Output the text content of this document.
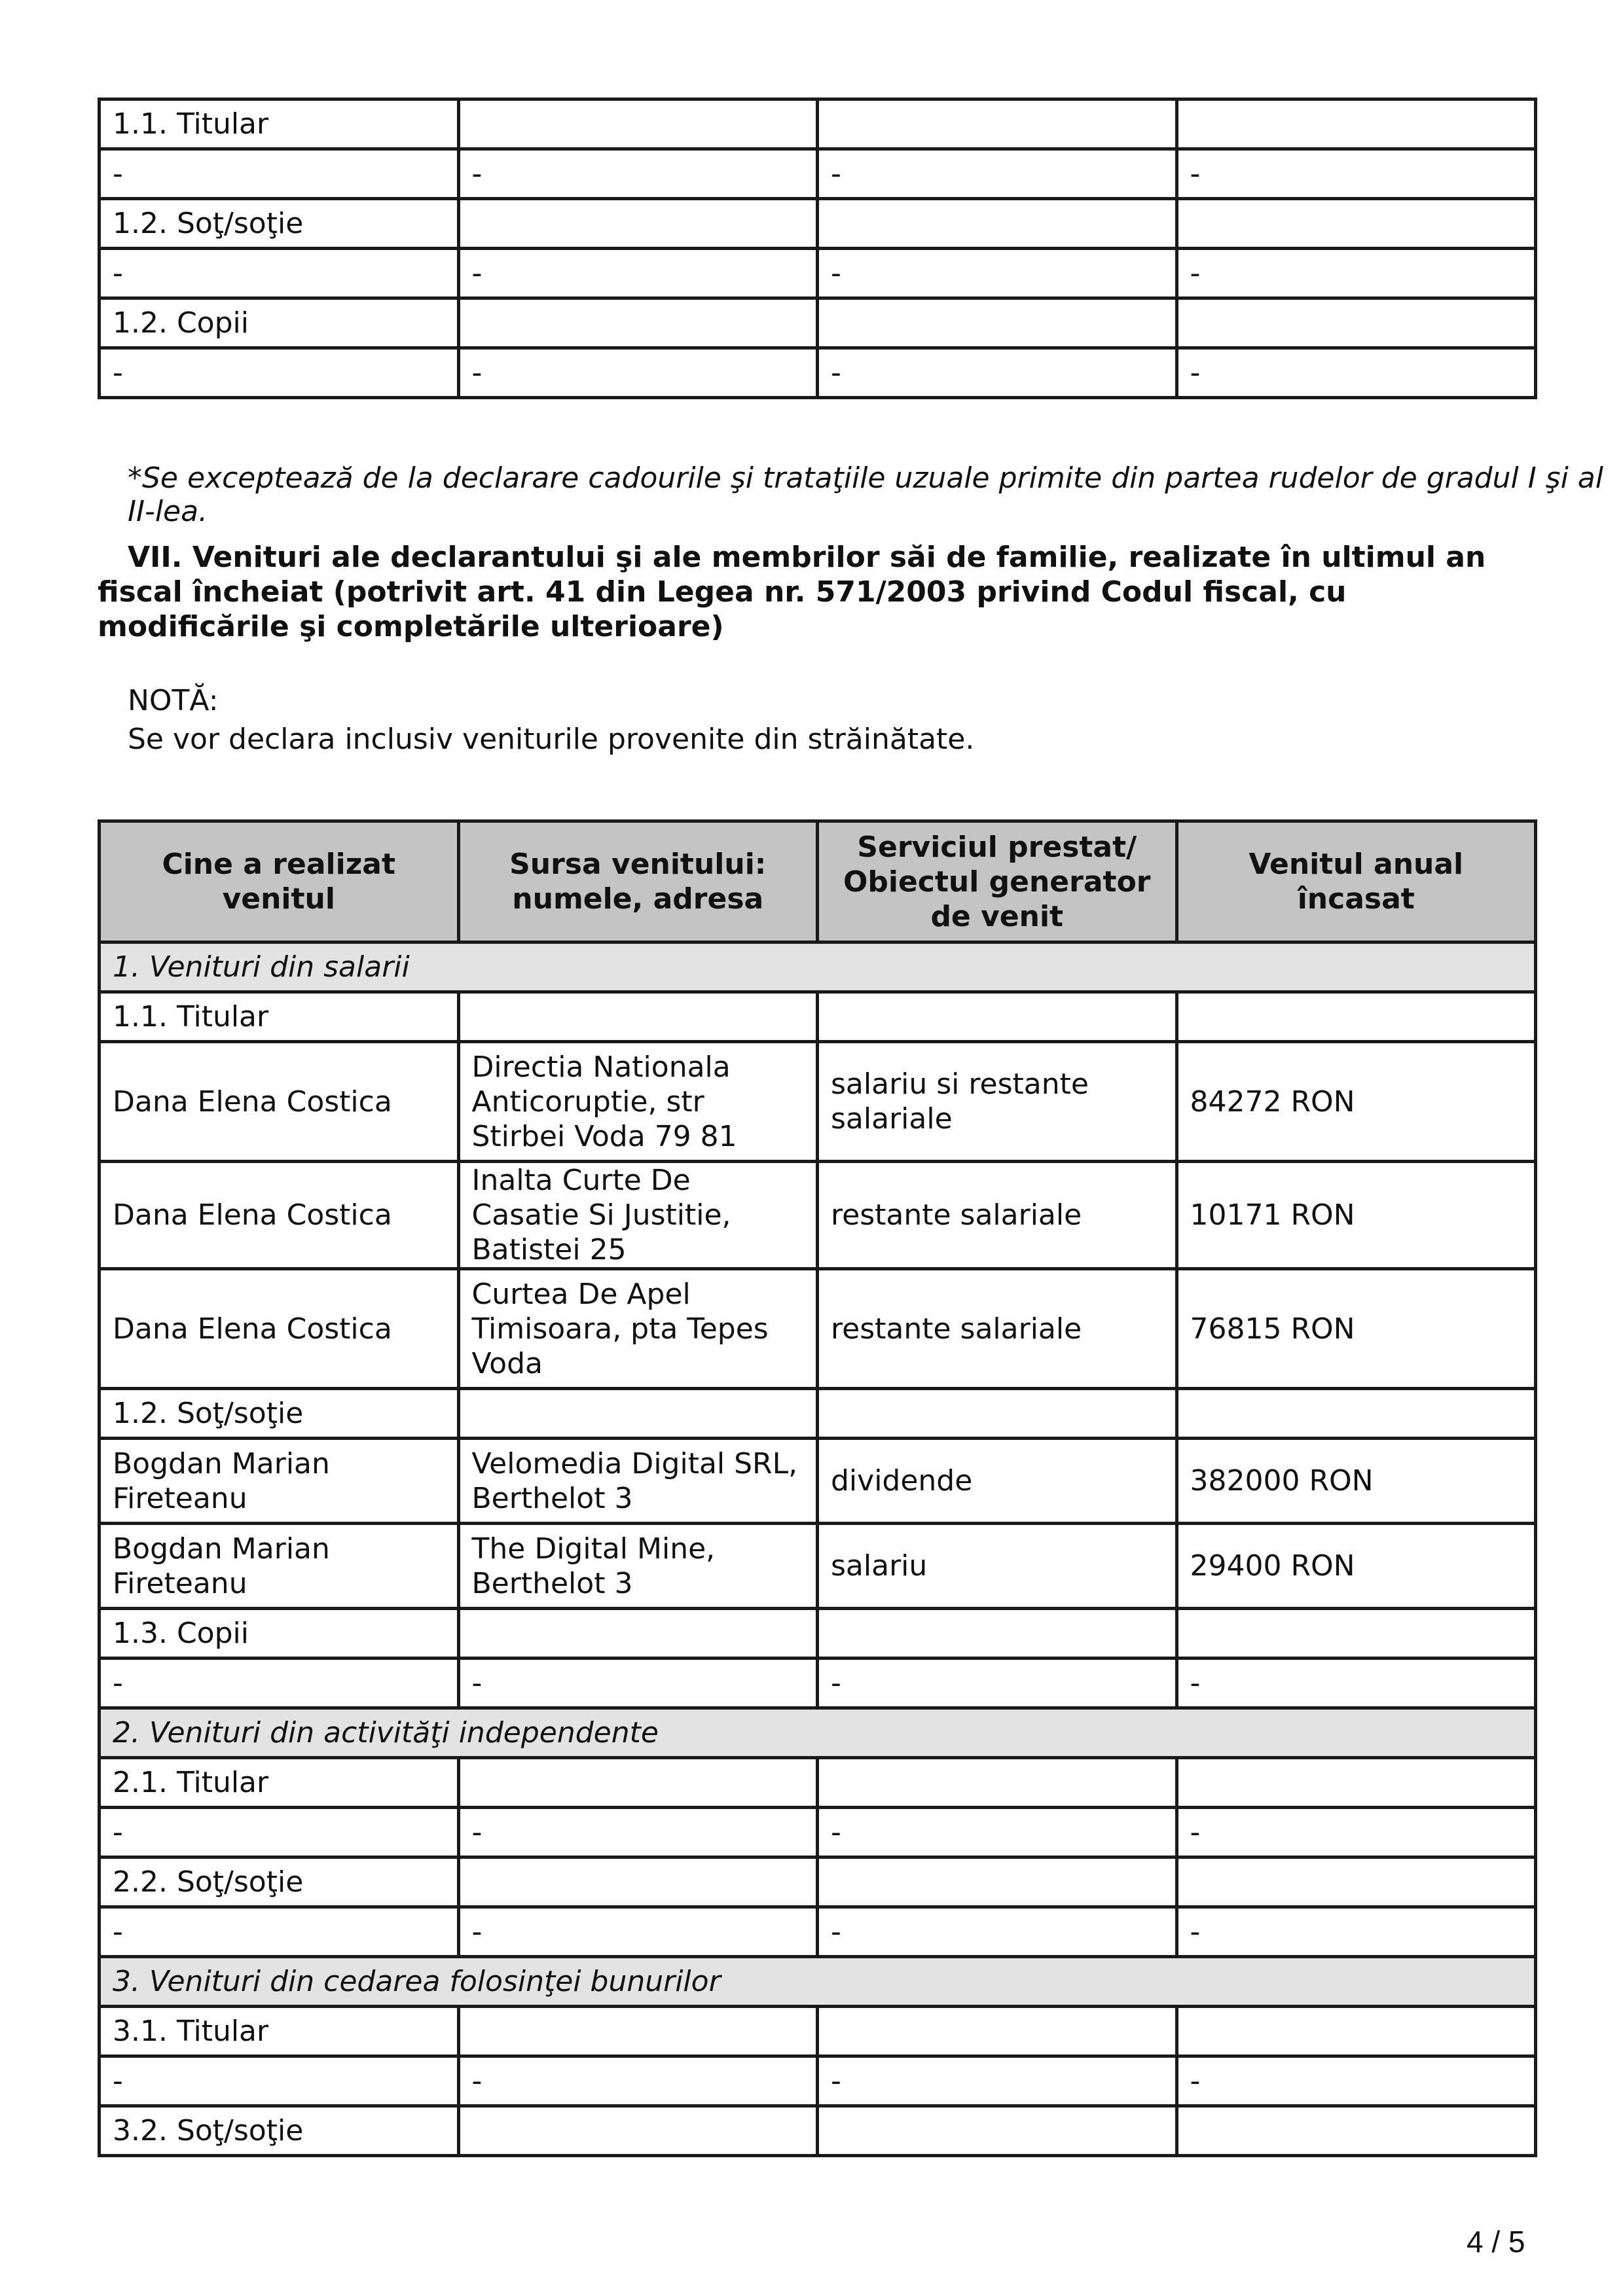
1.1. Titular			
-	-	-	-
1.2. Soţ/soţie			
-	-	-	-
1.2. Copii			
-	-	-	-
*Se exceptează de la declarare cadourile şi trataţiile uzuale primite din partea rudelor de gradul I şi al II-lea.
VII. Venituri ale declarantului şi ale membrilor săi de familie, realizate în ultimul an fiscal încheiat (potrivit art. 41 din Legea nr. 571/2003 privind Codul fiscal, cu modificările şi completările ulterioare)
NOTĂ:
Se vor declara inclusiv veniturile provenite din străinătate.
Cine a realizat venitul	Sursa venitului: numele, adresa	Serviciul prestat/ Obiectul generator de venit	Venitul anual încasat
1. Venituri din salarii			
1.1. Titular			
Dana Elena Costica	Directia Nationala Anticoruptie, str Stirbei Voda 79 81	salariu si restante salariale	84272 RON
Dana Elena Costica	Inalta Curte De Casatie Si Justitie, Batistei 25	restante salariale	10171 RON
Dana Elena Costica	Curtea De Apel Timisoara, pta Tepes Voda	restante salariale	76815 RON
1.2. Soţ/soţie			
Bogdan Marian Fireteanu	Velomedia Digital SRL, Berthelot 3	dividende	382000 RON
Bogdan Marian Fireteanu	The Digital Mine, Berthelot 3	salariu	29400 RON
1.3. Copii			
-	-	-	-
2. Venituri din activităţi independente			
2.1. Titular			
-	-	-	-
2.2. Soţ/soţie			
-	-	-	-
3. Venituri din cedarea folosinţei bunurilor			
3.1. Titular			
-	-	-	-
3.2. Soţ/soţie			
4 / 5
